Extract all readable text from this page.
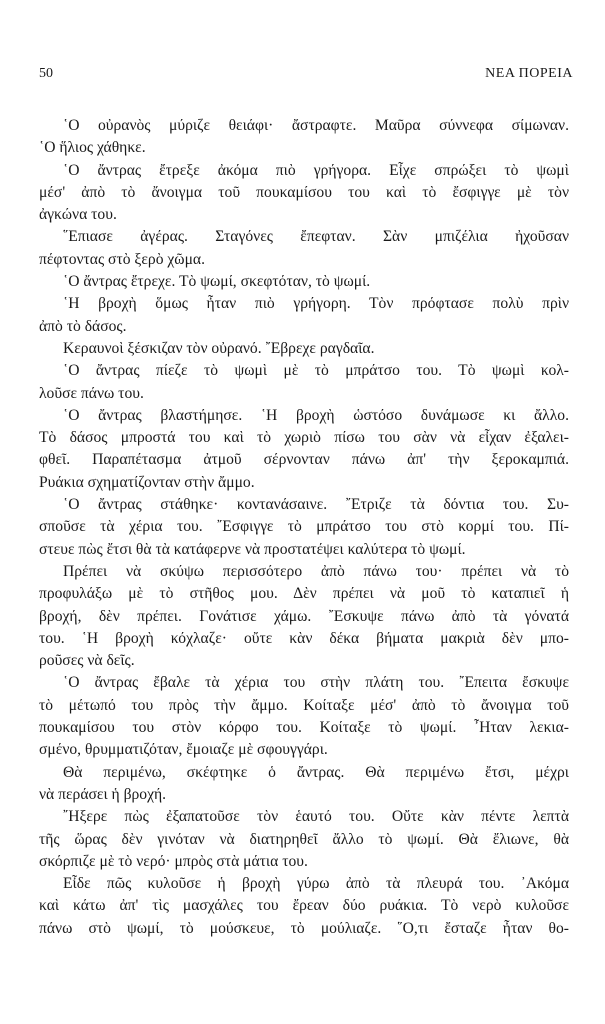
50	ΝΕΑ ΠΟΡΕΙΑ
῾Ο οὐρανὸς μύριζε θειάφι· ἄστραφτε. Μαῦρα σύννεφα σίμωναν.
῾Ο ἥλιος χάθηκε.
῾Ο ἄντρας ἔτρεξε ἀκόμα πιὸ γρήγορα. Εἶχε σπρώξει τὸ ψωμὶ
μέσ' ἀπὸ τὸ ἄνοιγμα τοῦ πουκαμίσου του καὶ τὸ ἔσφιγγε μὲ τὸν
ἀγκώνα του.
῞Επιασε ἀγέρας. Σταγόνες ἔπεφταν. Σὰν μπιζέλια ἠχοῦσαν
πέφτοντας στὸ ξερὸ χῶμα.
῾Ο ἄντρας ἔτρεχε. Τὸ ψωμί, σκεφτόταν, τὸ ψωμί.
῾Η βροχὴ ὅμως ἦταν πιὸ γρήγορη. Τὸν πρόφτασε πολὺ πρὶν
ἀπὸ τὸ δάσος.
Κεραυνοὶ ξέσκιζαν τὸν οὐρανό. ῎Εβρεχε ραγδαῖα.
῾Ο ἄντρας πίεζε τὸ ψωμὶ μὲ τὸ μπράτσο του. Τὸ ψωμὶ κολ-
λοῦσε πάνω του.
῾Ο ἄντρας βλαστήμησε. ῾Η βροχὴ ὡστόσο δυνάμωσε κι ἄλλο.
Τὸ δάσος μπροστά του καὶ τὸ χωριὸ πίσω του σὰν νὰ εἶχαν ἐξαλει-
φθεῖ. Παραπέτασμα ἀτμοῦ σέρνονταν πάνω ἀπ' τὴν ξεροκαμπιά.
Ρυάκια σχηματίζονταν στὴν ἄμμο.
῾Ο ἄντρας στάθηκε· κοντανάσαινε. ῎Ετριζε τὰ δόντια του. Συ-
σποῦσε τὰ χέρια του. ῎Εσφιγγε τὸ μπράτσο του στὸ κορμί του. Πί-
στευε πὼς ἔτσι θὰ τὰ κατάφερνε νὰ προστατέψει καλύτερα τὸ ψωμί.
Πρέπει νὰ σκύψω περισσότερο ἀπὸ πάνω του· πρέπει νὰ τὸ
προφυλάξω μὲ τὸ στῆθος μου. Δὲν πρέπει νὰ μοῦ τὸ καταπιεῖ ἡ
βροχή, δὲν πρέπει. Γονάτισε χάμω. ῎Εσκυψε πάνω ἀπὸ τὰ γόνατά
του. ῾Η βροχὴ κόχλαζε· οὔτε κὰν δέκα βήματα μακριὰ δὲν μπο-
ροῦσες νὰ δεῖς.
῾Ο ἄντρας ἔβαλε τὰ χέρια του στὴν πλάτη του. ῎Επειτα ἔσκυψε
τὸ μέτωπό του πρὸς τὴν ἄμμο. Κοίταξε μέσ' ἀπὸ τὸ ἄνοιγμα τοῦ
πουκαμίσου του στὸν κόρφο του. Κοίταξε τὸ ψωμί. ῏Ηταν λεκια-
σμένο, θρυμματιζόταν, ἔμοιαζε μὲ σφουγγάρι.
Θὰ περιμένω, σκέφτηκε ὁ ἄντρας. Θὰ περιμένω ἔτσι, μέχρι
νὰ περάσει ἡ βροχή.
῎Ηξερε πὼς ἐξαπατοῦσε τὸν ἑαυτό του. Οὔτε κὰν πέντε λεπτὰ
τῆς ὥρας δὲν γινόταν νὰ διατηρηθεῖ ἄλλο τὸ ψωμί. Θὰ ἔλιωνε, θὰ
σκόρπιζε μὲ τὸ νερό· μπρὸς στὰ μάτια του.
Εἶδε πῶς κυλοῦσε ἡ βροχὴ γύρω ἀπὸ τὰ πλευρά του. ᾿Ακόμα
καὶ κάτω ἀπ' τὶς μασχάλες του ἔρεαν δύο ρυάκια. Τὸ νερὸ κυλοῦσε
πάνω στὸ ψωμί, τὸ μούσκευε, τὸ μούλιαζε. ῞Ο,τι ἔσταζε ἦταν θο-
